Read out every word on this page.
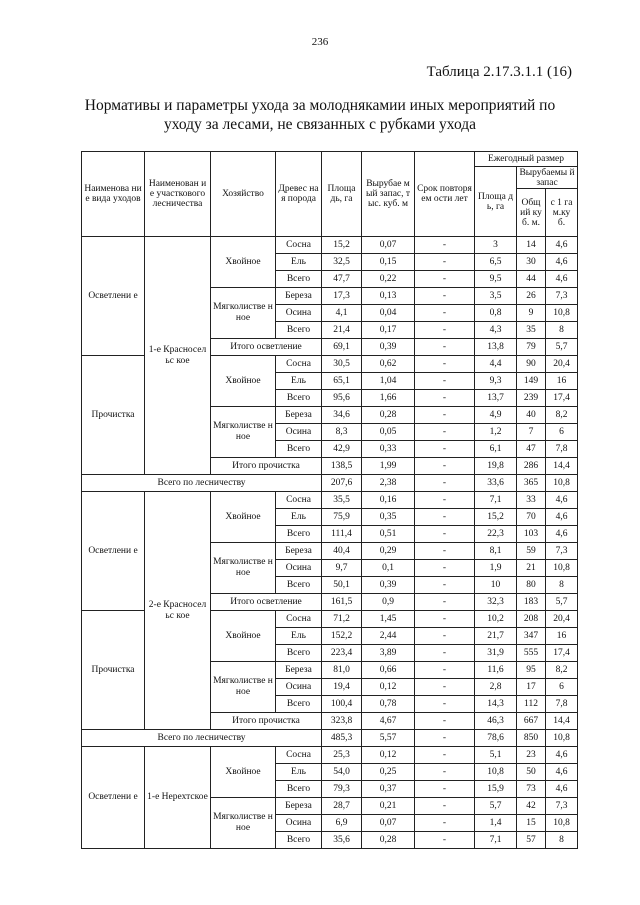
236
Таблица 2.17.3.1.1 (16)
Нормативы и параметры ухода за молоднякамии иных мероприятий по
уходу за лесами, не связанных с рубками ухода
Наименова ние вида уходов	Наименован ие участкового лесничества	Хозяйство	Древес ная порода	Площа дь, га	Вырубае мый запас, тыс. куб. м	Срок повторяем ости лет	Ежегодный размер		
							Площа дь, га	Вырубаемы й запас	
								Общ ий куб. м.	с 1 га м.ку б.
Осветлени е	1-е Красносельс кое	Хвойное	Сосна	15,2	0,07	-	3	14	4,6
			Ель	32,5	0,15	-	6,5	30	4,6
			Всего	47,7	0,22	-	9,5	44	4,6
		Мягколистве нное	Береза	17,3	0,13	-	3,5	26	7,3
			Осина	4,1	0,04	-	0,8	9	10,8
			Всего	21,4	0,17	-	4,3	35	8
		Итого осветление		69,1	0,39	-	13,8	79	5,7
Прочистка		Хвойное	Сосна	30,5	0,62	-	4,4	90	20,4
			Ель	65,1	1,04	-	9,3	149	16
			Всего	95,6	1,66	-	13,7	239	17,4
		Мягколистве нное	Береза	34,6	0,28	-	4,9	40	8,2
			Осина	8,3	0,05	-	1,2	7	6
			Всего	42,9	0,33	-	6,1	47	7,8
		Итого прочистка		138,5	1,99	-	19,8	286	14,4
Всего по лесничеству				207,6	2,38	-	33,6	365	10,8
Осветлени е	2-е Красносельс кое	Хвойное	Сосна	35,5	0,16	-	7,1	33	4,6
			Ель	75,9	0,35	-	15,2	70	4,6
			Всего	111,4	0,51	-	22,3	103	4,6
		Мягколистве нное	Береза	40,4	0,29	-	8,1	59	7,3
			Осина	9,7	0,1	-	1,9	21	10,8
			Всего	50,1	0,39	-	10	80	8
		Итого осветление		161,5	0,9	-	32,3	183	5,7
Прочистка		Хвойное	Сосна	71,2	1,45	-	10,2	208	20,4
			Ель	152,2	2,44	-	21,7	347	16
			Всего	223,4	3,89	-	31,9	555	17,4
		Мягколистве нное	Береза	81,0	0,66	-	11,6	95	8,2
			Осина	19,4	0,12	-	2,8	17	6
			Всего	100,4	0,78	-	14,3	112	7,8
		Итого прочистка		323,8	4,67	-	46,3	667	14,4
Всего по лесничеству				485,3	5,57	-	78,6	850	10,8
Осветлени е	1-е Нерехтское	Хвойное	Сосна	25,3	0,12	-	5,1	23	4,6
			Ель	54,0	0,25	-	10,8	50	4,6
			Всего	79,3	0,37	-	15,9	73	4,6
		Мягколистве нное	Береза	28,7	0,21	-	5,7	42	7,3
			Осина	6,9	0,07	-	1,4	15	10,8
			Всего	35,6	0,28	-	7,1	57	8
